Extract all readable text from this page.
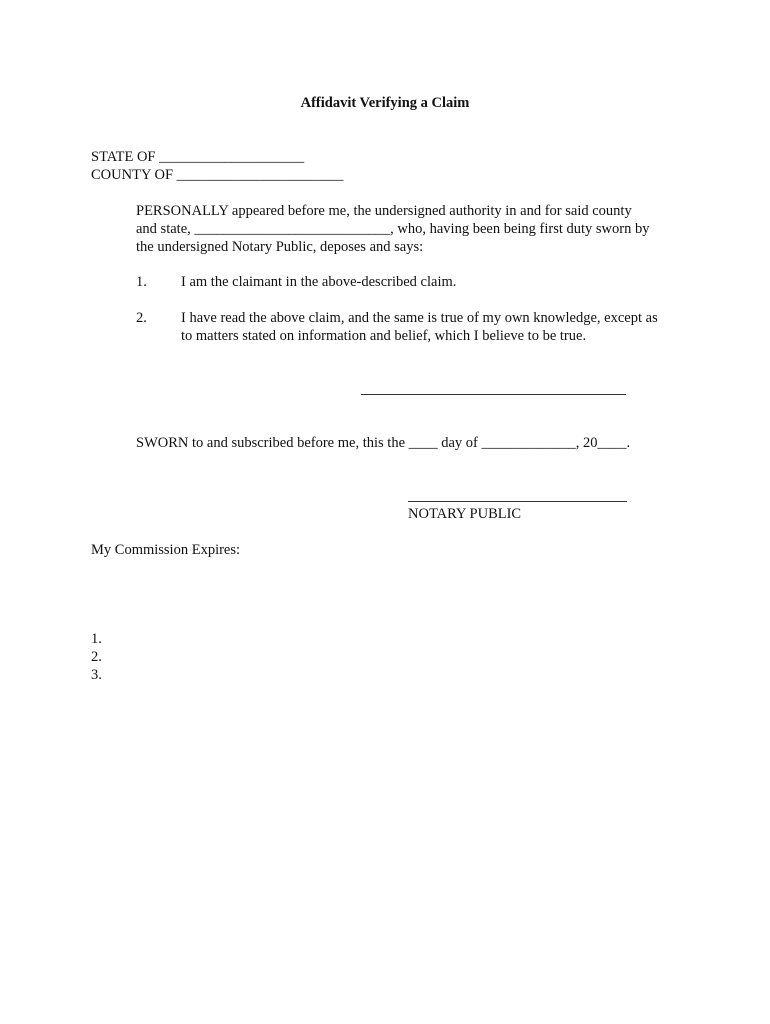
Affidavit Verifying a Claim
STATE OF ____________________
COUNTY OF _______________________
PERSONALLY appeared before me, the undersigned authority in and for said county
and state, ___________________________, who, having been being first duty sworn by
the undersigned Notary Public, deposes and says:
1. I am the claimant in the above-described claim.
2. I have read the above claim, and the same is true of my own knowledge, except as
to matters stated on information and belief, which I believe to be true.
SWORN to and subscribed before me, this the ____ day of _____________, 20____.
NOTARY PUBLIC
My Commission Expires:
1.
2.
3.
